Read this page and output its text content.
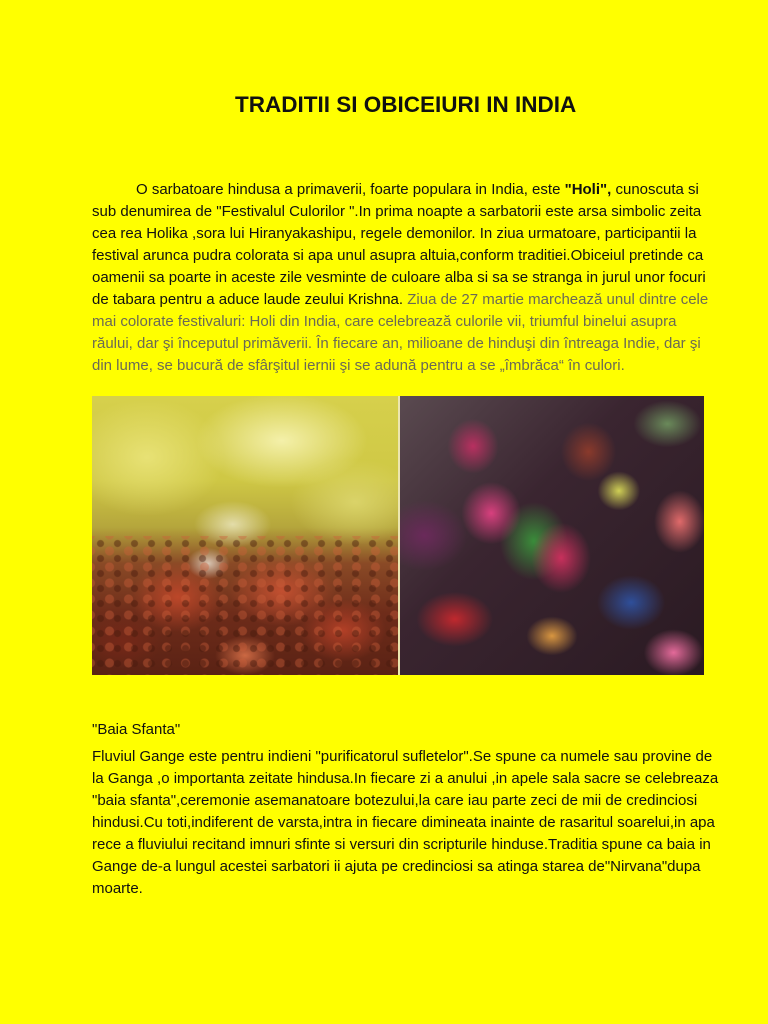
TRADITII SI OBICEIURI IN INDIA
O sarbatoare hindusa a primaverii, foarte populara in India, este "Holi", cunoscuta si
sub denumirea de "Festivalul Culorilor ".In prima noapte a sarbatorii este arsa simbolic zeita
cea rea Holika ,sora lui Hiranyakashipu, regele demonilor. In ziua urmatoare, participantii la
festival arunca pudra colorata si apa unul asupra altuia,conform traditiei.Obiceiul pretinde ca
oamenii sa poarte in aceste zile vesminte de culoare alba si sa se stranga in jurul unor focuri
de tabara pentru a aduce laude zeului Krishna. Ziua de 27 martie marchează unul dintre cele
mai colorate festivaluri: Holi din India, care celebrează culorile vii, triumful binelui asupra
răului, dar şi începutul primăverii. În fiecare an, milioane de hinduşi din întreaga Indie, dar şi
din lume, se bucură de sfârşitul iernii şi se adună pentru a se „îmbrăca“ în culori.
"Baia Sfanta"
Fluviul Gange este pentru indieni "purificatorul sufletelor".Se spune ca numele sau provine de
la Ganga ,o importanta zeitate hindusa.In fiecare zi a anului ,in apele sala sacre se celebreaza
"baia sfanta",ceremonie asemanatoare botezului,la care iau parte zeci de mii de credinciosi
hindusi.Cu toti,indiferent de varsta,intra in fiecare dimineata inainte de rasaritul soarelui,in apa
rece a fluviului recitand imnuri sfinte si versuri din scripturile hinduse.Traditia spune ca baia in
Gange de-a lungul acestei sarbatori ii ajuta pe credinciosi sa atinga starea de"Nirvana"dupa
moarte.
